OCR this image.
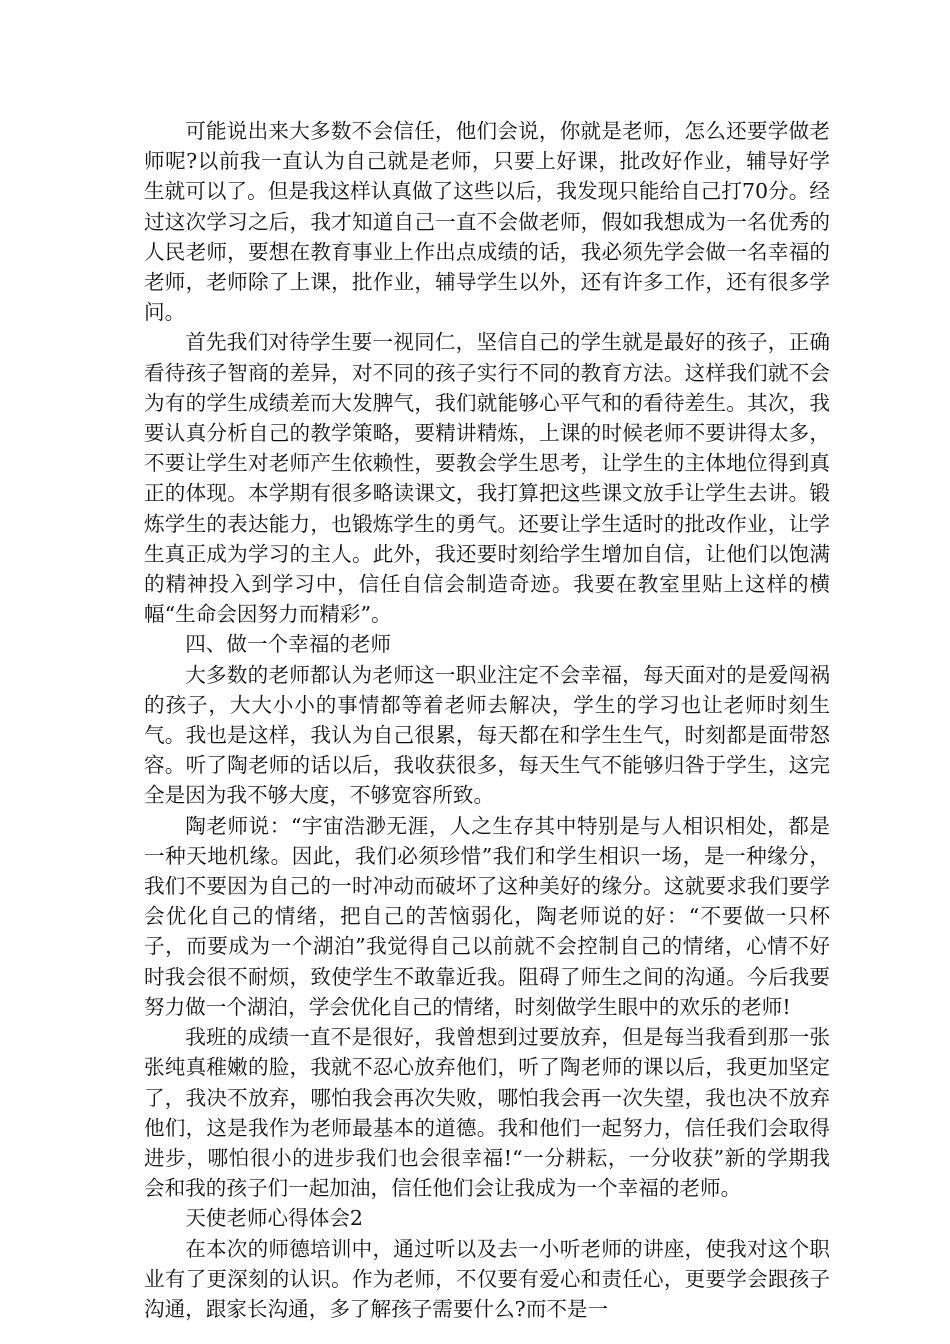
可能说出来大多数不会信任，他们会说，你就是老师，怎么还要学做老师呢?以前我一直认为自己就是老师，只要上好课，批改好作业，辅导好学生就可以了。但是我这样认真做了这些以后，我发现只能给自己打70分。经过这次学习之后，我才知道自己一直不会做老师，假如我想成为一名优秀的人民老师，要想在教育事业上作出点成绩的话，我必须先学会做一名幸福的老师，老师除了上课，批作业，辅导学生以外，还有许多工作，还有很多学问。

首先我们对待学生要一视同仁，坚信自己的学生就是最好的孩子，正确看待孩子智商的差异，对不同的孩子实行不同的教育方法。这样我们就不会为有的学生成绩差而大发脾气，我们就能够心平气和的看待差生。其次，我要认真分析自己的教学策略，要精讲精炼，上课的时候老师不要讲得太多，不要让学生对老师产生依赖性，要教会学生思考，让学生的主体地位得到真正的体现。本学期有很多略读课文，我打算把这些课文放手让学生去讲。锻炼学生的表达能力，也锻炼学生的勇气。还要让学生适时的批改作业，让学生真正成为学习的主人。此外，我还要时刻给学生增加自信，让他们以饱满的精神投入到学习中，信任自信会制造奇迹。我要在教室里贴上这样的横幅“生命会因努力而精彩”。

四、做一个幸福的老师

大多数的老师都认为老师这一职业注定不会幸福，每天面对的是爱闯祸的孩子，大大小小的事情都等着老师去解决，学生的学习也让老师时刻生气。我也是这样，我认为自己很累，每天都在和学生生气，时刻都是面带怒容。听了陶老师的话以后，我收获很多，每天生气不能够归咎于学生，这完全是因为我不够大度，不够宽容所致。

陶老师说：“宇宙浩渺无涯，人之生存其中特别是与人相识相处，都是一种天地机缘。因此，我们必须珍惜”我们和学生相识一场，是一种缘分，我们不要因为自己的一时冲动而破坏了这种美好的缘分。这就要求我们要学会优化自己的情绪，把自己的苦恼弱化，陶老师说的好：“不要做一只杯子，而要成为一个湖泊”我觉得自己以前就不会控制自己的情绪，心情不好时我会很不耐烦，致使学生不敢靠近我。阻碍了师生之间的沟通。今后我要努力做一个湖泊，学会优化自己的情绪，时刻做学生眼中的欢乐的老师!

我班的成绩一直不是很好，我曾想到过要放弃，但是每当我看到那一张张纯真稚嫩的脸，我就不忍心放弃他们，听了陶老师的课以后，我更加坚定了，我决不放弃，哪怕我会再次失败，哪怕我会再一次失望，我也决不放弃他们，这是我作为老师最基本的道德。我和他们一起努力，信任我们会取得进步，哪怕很小的进步我们也会很幸福!“一分耕耘，一分收获”新的学期我会和我的孩子们一起加油，信任他们会让我成为一个幸福的老师。

天使老师心得体会2

在本次的师德培训中，通过听以及去一小听老师的讲座，使我对这个职业有了更深刻的认识。作为老师，不仅要有爱心和责任心，更要学会跟孩子沟通，跟家长沟通，多了解孩子需要什么?而不是一
